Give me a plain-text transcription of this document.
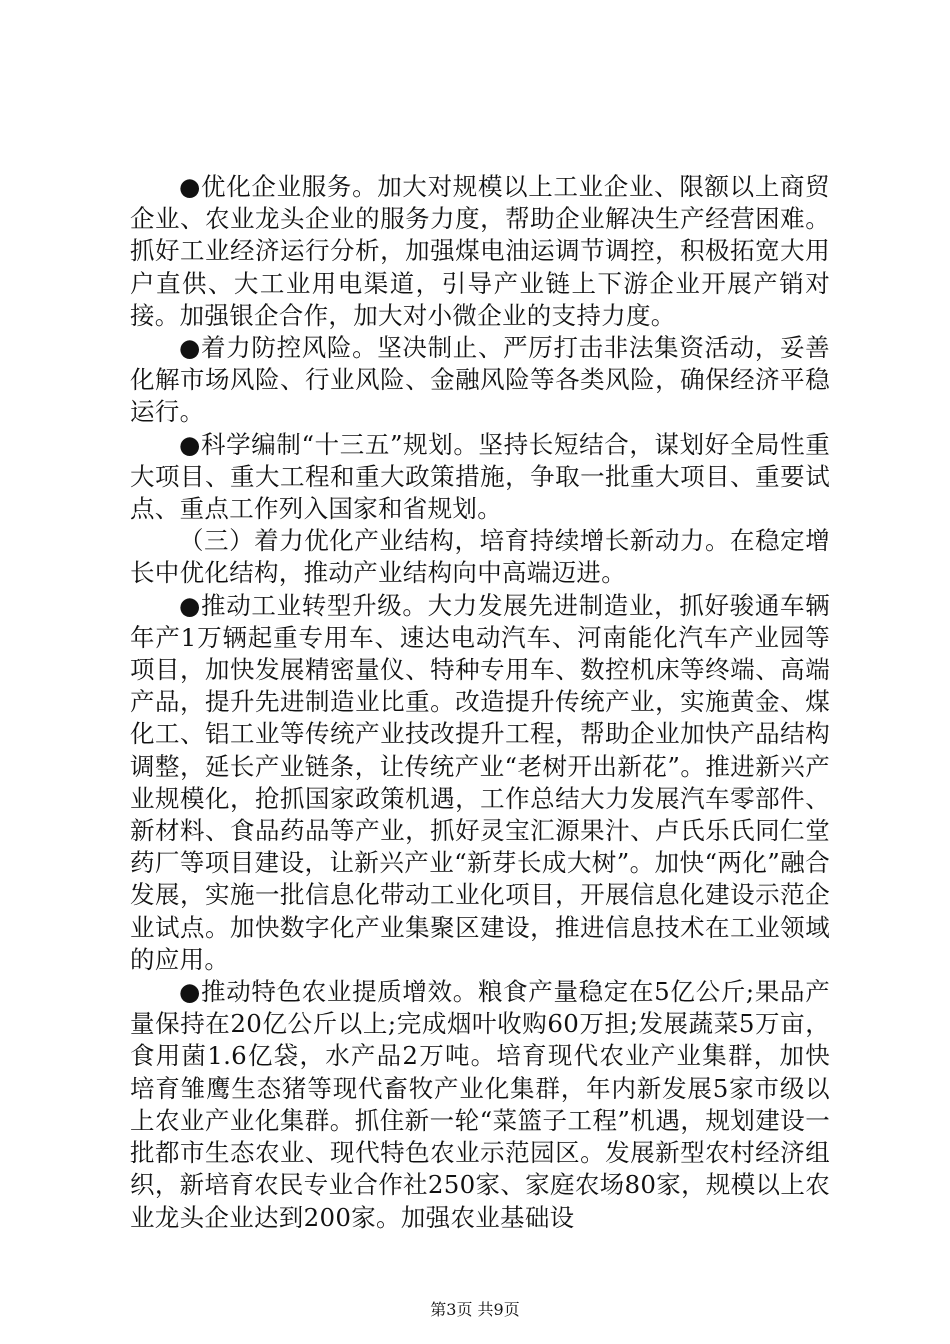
●优化企业服务。加大对规模以上工业企业、限额以上商贸企业、农业龙头企业的服务力度，帮助企业解决生产经营困难。抓好工业经济运行分析，加强煤电油运调节调控，积极拓宽大用户直供、大工业用电渠道，引导产业链上下游企业开展产销对接。加强银企合作，加大对小微企业的支持力度。

●着力防控风险。坚决制止、严厉打击非法集资活动，妥善化解市场风险、行业风险、金融风险等各类风险，确保经济平稳运行。

●科学编制“十三五”规划。坚持长短结合，谋划好全局性重大项目、重大工程和重大政策措施，争取一批重大项目、重要试点、重点工作列入国家和省规划。

（三）着力优化产业结构，培育持续增长新动力。在稳定增长中优化结构，推动产业结构向中高端迈进。

●推动工业转型升级。大力发展先进制造业，抓好骏通车辆年产1万辆起重专用车、速达电动汽车、河南能化汽车产业园等项目，加快发展精密量仪、特种专用车、数控机床等终端、高端产品，提升先进制造业比重。改造提升传统产业，实施黄金、煤化工、铝工业等传统产业技改提升工程，帮助企业加快产品结构调整，延长产业链条，让传统产业“老树开出新花”。推进新兴产业规模化，抢抓国家政策机遇，工作总结大力发展汽车零部件、新材料、食品药品等产业，抓好灵宝汇源果汁、卢氏乐氏同仁堂药厂等项目建设，让新兴产业“新芽长成大树”。加快“两化”融合发展，实施一批信息化带动工业化项目，开展信息化建设示范企业试点。加快数字化产业集聚区建设，推进信息技术在工业领域的应用。

●推动特色农业提质增效。粮食产量稳定在5亿公斤;果品产量保持在20亿公斤以上;完成烟叶收购60万担;发展蔬菜5万亩，食用菌1.6亿袋，水产品2万吨。培育现代农业产业集群，加快培育雏鹰生态猪等现代畜牧产业化集群，年内新发展5家市级以上农业产业化集群。抓住新一轮“菜篮子工程”机遇，规划建设一批都市生态农业、现代特色农业示范园区。发展新型农村经济组织，新培育农民专业合作社250家、家庭农场80家，规模以上农业龙头企业达到200家。加强农业基础设

第3页 共9页
